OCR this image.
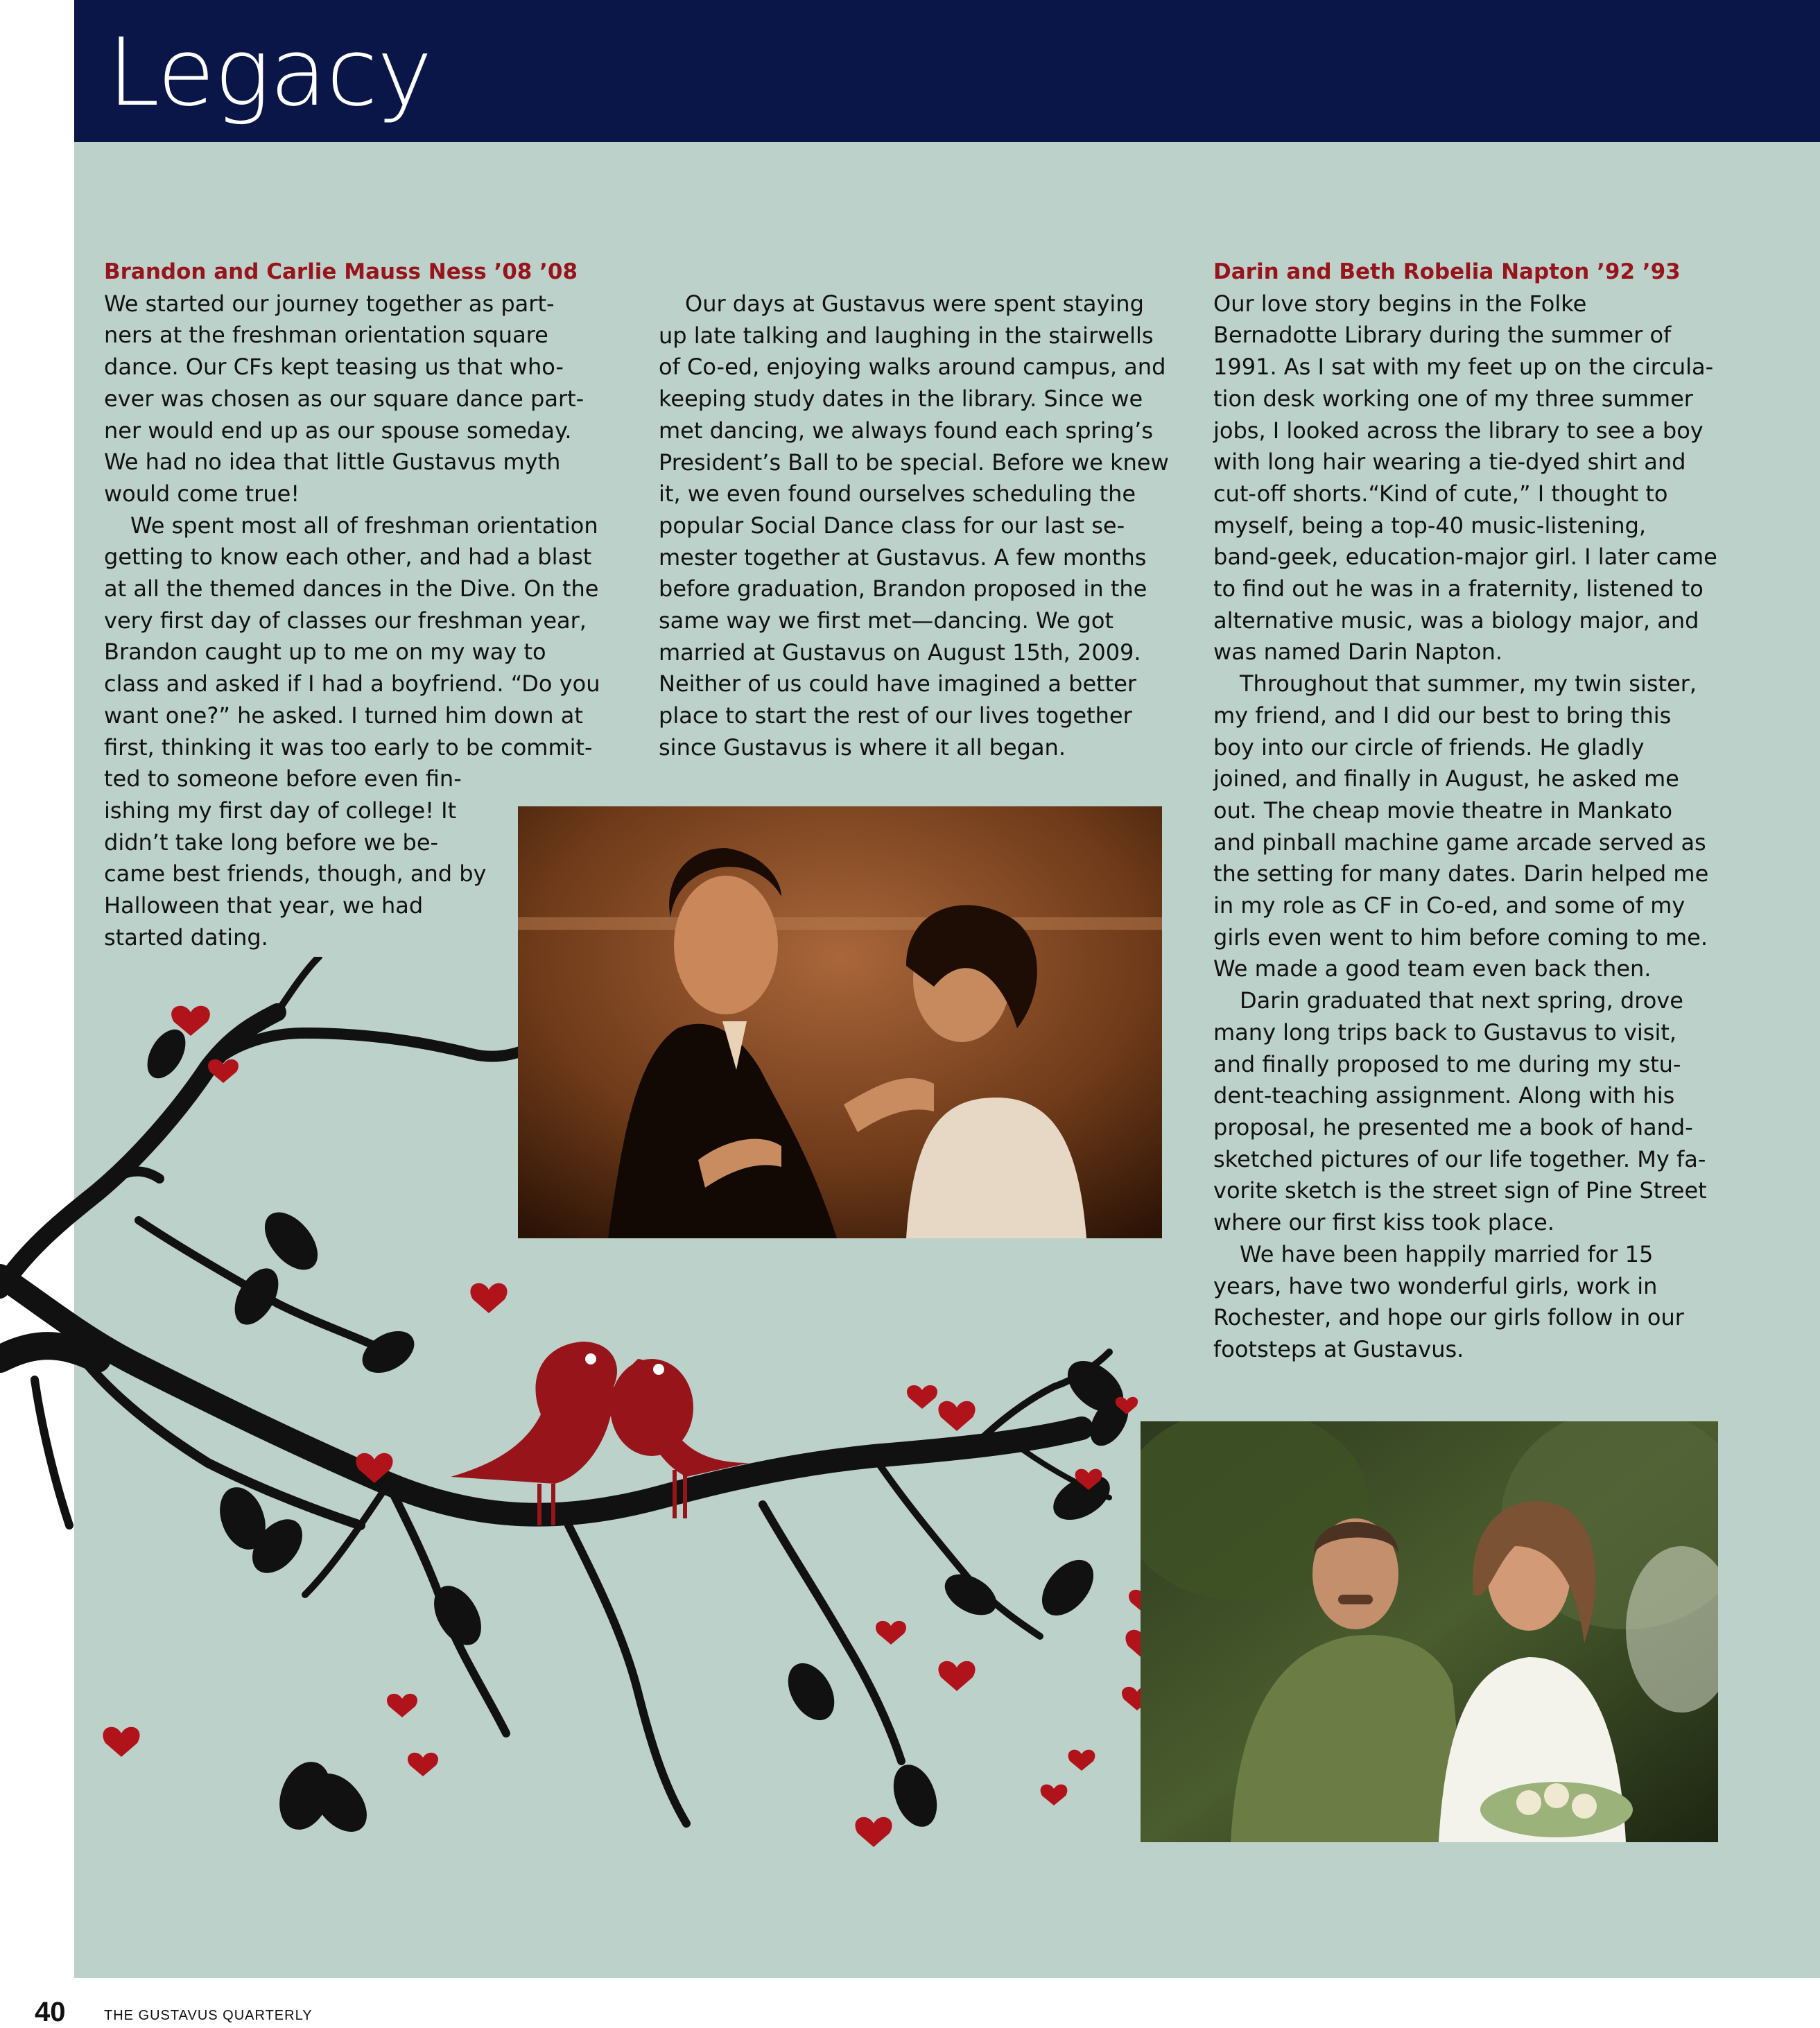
Legacy
Brandon and Carlie Mauss Ness ’08 ’08

We started our journey together as part-
ners at the freshman orientation square
dance. Our CFs kept teasing us that who-
ever was chosen as our square dance part-
ner would end up as our spouse someday.
We had no idea that little Gustavus myth
would come true!

We spent most all of freshman orientation
getting to know each other, and had a blast
at all the themed dances in the Dive. On the
very first day of classes our freshman year,
Brandon caught up to me on my way to
class and asked if I had a boyfriend. “Do you
want one?” he asked. I turned him down at
first, thinking it was too early to be commit-
ted to someone before even fin-
ishing my first day of college! It
didn’t take long before we be-
came best friends, though, and by
Halloween that year, we had
started dating.

Our days at Gustavus were spent staying
up late talking and laughing in the stairwells
of Co-ed, enjoying walks around campus, and
keeping study dates in the library. Since we
met dancing, we always found each spring’s
President’s Ball to be special. Before we knew
it, we even found ourselves scheduling the
popular Social Dance class for our last se-
mester together at Gustavus. A few months
before graduation, Brandon proposed in the
same way we first met—dancing. We got
married at Gustavus on August 15th, 2009.
Neither of us could have imagined a better
place to start the rest of our lives together
since Gustavus is where it all began.

Darin and Beth Robelia Napton ’92 ’93

Our love story begins in the Folke
Bernadotte Library during the summer of
1991. As I sat with my feet up on the circula-
tion desk working one of my three summer
jobs, I looked across the library to see a boy
with long hair wearing a tie-dyed shirt and
cut-off shorts.“Kind of cute,” I thought to
myself, being a top-40 music-listening,
band-geek, education-major girl. I later came
to find out he was in a fraternity, listened to
alternative music, was a biology major, and
was named Darin Napton.

Throughout that summer, my twin sister,
my friend, and I did our best to bring this
boy into our circle of friends. He gladly
joined, and finally in August, he asked me
out. The cheap movie theatre in Mankato
and pinball machine game arcade served as
the setting for many dates. Darin helped me
in my role as CF in Co-ed, and some of my
girls even went to him before coming to me.
We made a good team even back then.

Darin graduated that next spring, drove
many long trips back to Gustavus to visit,
and finally proposed to me during my stu-
dent-teaching assignment. Along with his
proposal, he presented me a book of hand-
sketched pictures of our life together. My fa-
vorite sketch is the street sign of Pine Street
where our first kiss took place.

We have been happily married for 15
years, have two wonderful girls, work in
Rochester, and hope our girls follow in our
footsteps at Gustavus.

40	THE GUSTAVUS QUARTERLY
